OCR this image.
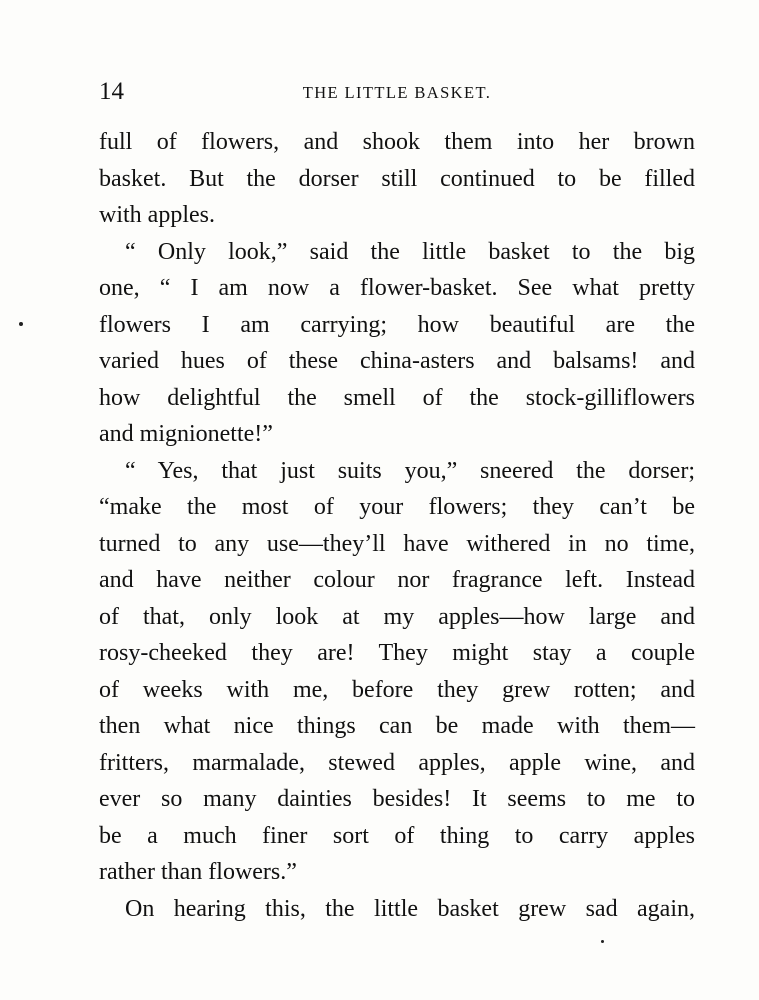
14	THE LITTLE BASKET.
full of flowers, and shook them into her brown
basket. But the dorser still continued to be filled
with apples.
“ Only look,” said the little basket to the big
one, “ I am now a flower-basket. See what pretty
flowers I am carrying; how beautiful are the
varied hues of these china-asters and balsams! and
how delightful the smell of the stock-gilliflowers
and mignionette!”
“ Yes, that just suits you,” sneered the dorser;
“make the most of your flowers; they can’t be
turned to any use—they’ll have withered in no time,
and have neither colour nor fragrance left. Instead
of that, only look at my apples—how large and
rosy-cheeked they are! They might stay a couple
of weeks with me, before they grew rotten; and
then what nice things can be made with them—
fritters, marmalade, stewed apples, apple wine, and
ever so many dainties besides! It seems to me to
be a much finer sort of thing to carry apples
rather than flowers.”
On hearing this, the little basket grew sad again,
